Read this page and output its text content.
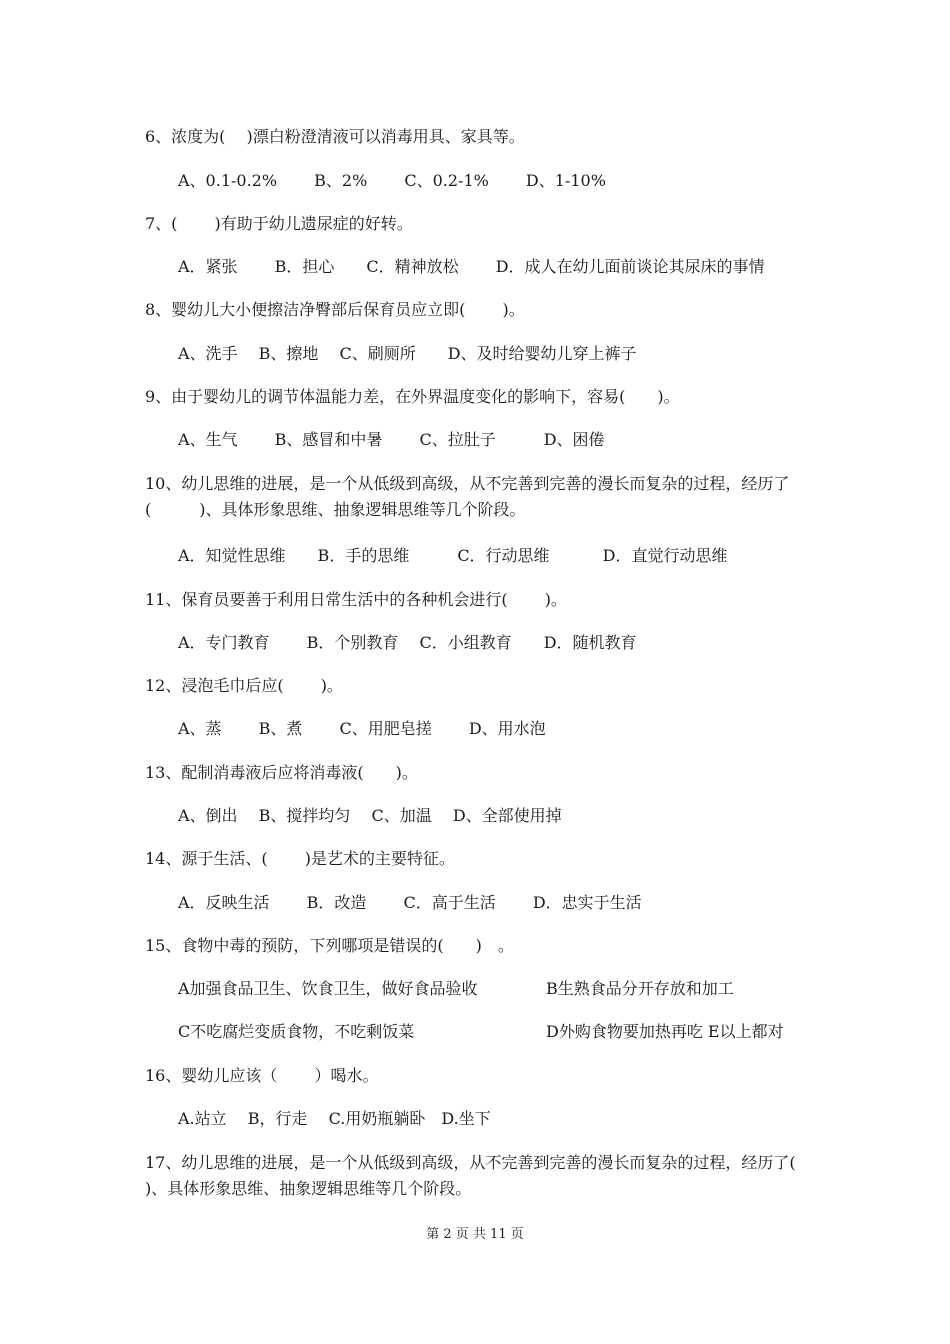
6、浓度为(　 )漂白粉澄清液可以消毒用具、家具等。

A、0.1-0.2%　　 B、2%　　 C、0.2-1%　　 D、1-10%

7、(　　 )有助于幼儿遗尿症的好转。

A．紧张　　 B．担心　　C．精神放松　　 D．成人在幼儿面前谈论其尿床的事情

8、婴幼儿大小便擦洁净臀部后保育员应立即(　　 )。

A、洗手　 B、擦地　 C、刷厕所　　D、及时给婴幼儿穿上裤子

9、由于婴幼儿的调节体温能力差，在外界温度变化的影响下，容易(　　)。

A、生气　　 B、感冒和中暑　　 C、拉肚子　　　D、困倦

10、幼儿思维的进展，是一个从低级到高级，从不完善到完善的漫长而复杂的过程，经历了(　　　)、具体形象思维、抽象逻辑思维等几个阶段。

A．知觉性思维　　B．手的思维　　　C．行动思维　　　 D．直觉行动思维

11、保育员要善于利用日常生活中的各种机会进行(　　 )。

A．专门教育　　 B．个别教育　 C．小组教育　　D．随机教育

12、浸泡毛巾后应(　　 )。

A、蒸　　 B、煮　　 C、用肥皂搓　　 D、用水泡

13、配制消毒液后应将消毒液(　　)。

A、倒出　 B、搅拌均匀　 C、加温　 D、全部使用掉

14、源于生活、(　　 )是艺术的主要特征。

A．反映生活　　 B．改造　　 C．高于生活　　 D．忠实于生活

15、食物中毒的预防，下列哪项是错误的(　　)　。

A加强食品卫生、饮食卫生，做好食品验收	B生熟食品分开存放和加工

C不吃腐烂变质食物，不吃剩饭菜	D外购食物要加热再吃 E以上都对

16、婴幼儿应该（　　 ）喝水。

A.站立　 B，行走　 C.用奶瓶躺卧　D.坐下

17、幼儿思维的进展，是一个从低级到高级，从不完善到完善的漫长而复杂的过程，经历了(　　 )、具体形象思维、抽象逻辑思维等几个阶段。

第 2 页 共 11 页
